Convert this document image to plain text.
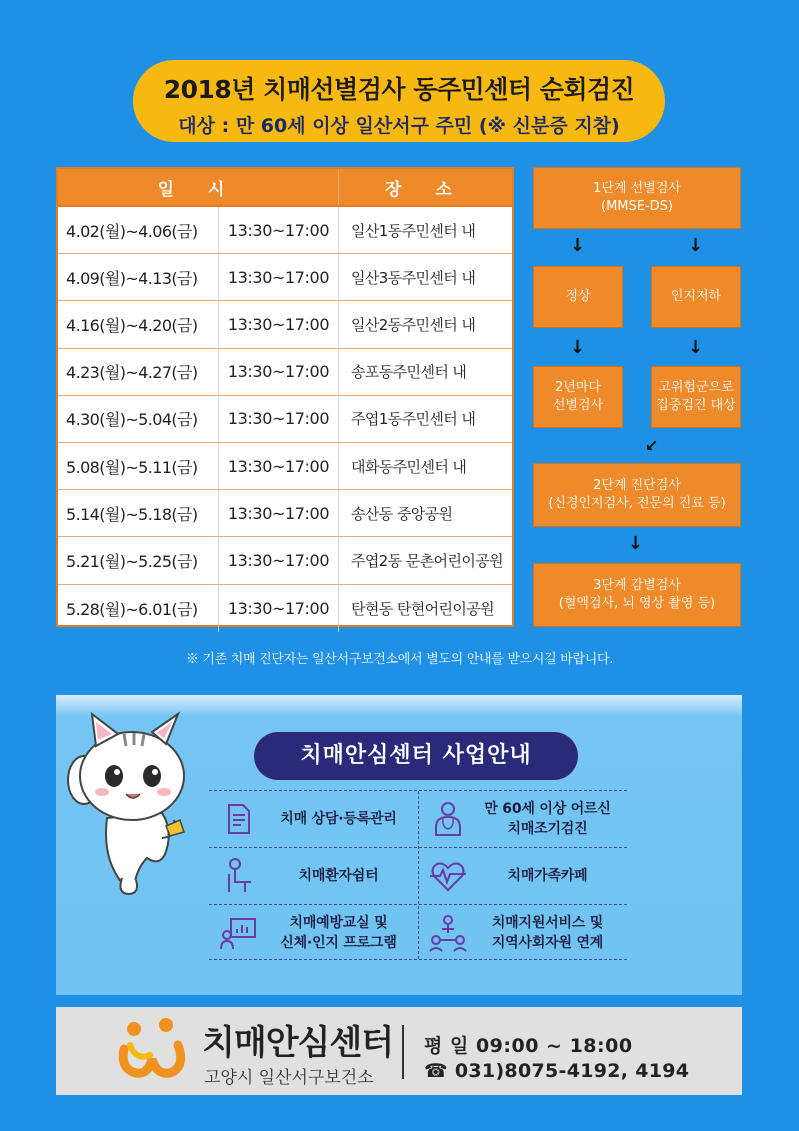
2018년 치매선별검사 동주민센터 순회검진
대상 : 만 60세 이상 일산서구 주민 (※ 신분증 지참)
일 시	장 소
4.02(월)~4.06(금)	13:30~17:00	일산1동주민센터 내
4.09(월)~4.13(금)	13:30~17:00	일산3동주민센터 내
4.16(월)~4.20(금)	13:30~17:00	일산2동주민센터 내
4.23(월)~4.27(금)	13:30~17:00	송포동주민센터 내
4.30(월)~5.04(금)	13:30~17:00	주엽1동주민센터 내
5.08(월)~5.11(금)	13:30~17:00	대화동주민센터 내
5.14(월)~5.18(금)	13:30~17:00	송산동 중앙공원
5.21(월)~5.25(금)	13:30~17:00	주엽2동 문촌어린이공원
5.28(월)~6.01(금)	13:30~17:00	탄현동 탄현어린이공원
1단계 선별검사
(MMSE-DS)
↓	↓
정상	인지저하
↓	↓
2년마다
선별검사
고위험군으로
집중검진 대상
↙
2단계 진단검사
(신경인지검사, 전문의 진료 등)
↓
3단계 감별검사
(혈액검사, 뇌 영상 촬영 등)
※ 기존 치매 진단자는 일산서구보건소에서 별도의 안내를 받으시길 바랍니다.
치매안심센터 사업안내
치매 상담·등록관리
만 60세 이상 어르신
치매조기검진
치매환자쉼터	치매가족카페
치매예방교실 및
신체·인지 프로그램
치매지원서비스 및
지역사회자원 연계
치매안심센터
고양시 일산서구보건소
평 일 09:00 ~ 18:00
☎ 031)8075-4192, 4194
